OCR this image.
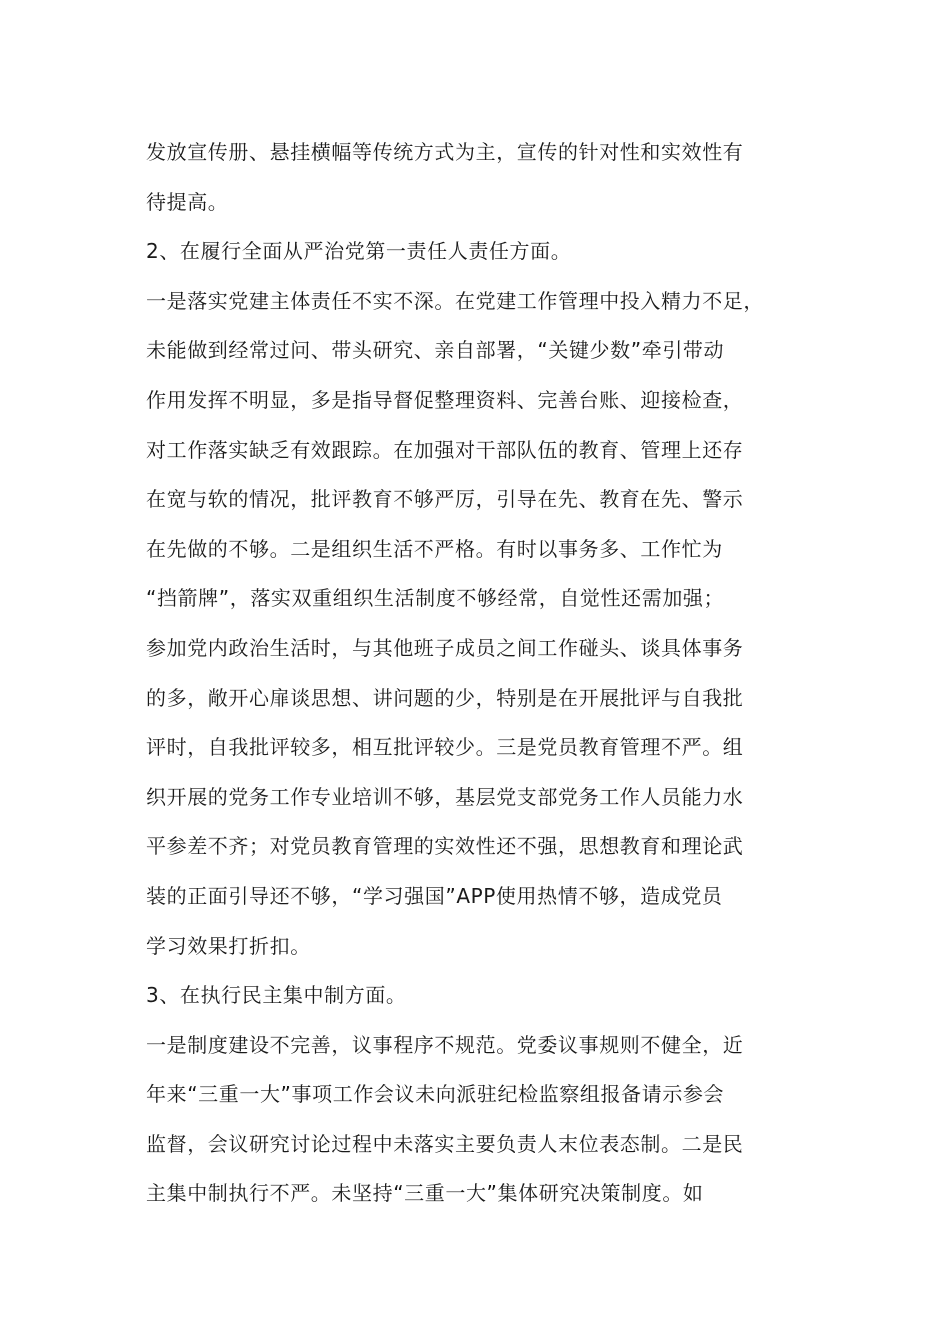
发放宣传册、悬挂横幅等传统方式为主，宣传的针对性和实效性有
待提高。
2、在履行全面从严治党第一责任人责任方面。
一是落实党建主体责任不实不深。在党建工作管理中投入精力不足，
未能做到经常过问、带头研究、亲自部署，“关键少数”牵引带动
作用发挥不明显，多是指导督促整理资料、完善台账、迎接检查，
对工作落实缺乏有效跟踪。在加强对干部队伍的教育、管理上还存
在宽与软的情况，批评教育不够严厉，引导在先、教育在先、警示
在先做的不够。二是组织生活不严格。有时以事务多、工作忙为
“挡箭牌”，落实双重组织生活制度不够经常，自觉性还需加强；
参加党内政治生活时，与其他班子成员之间工作碰头、谈具体事务
的多，敞开心扉谈思想、讲问题的少，特别是在开展批评与自我批
评时，自我批评较多，相互批评较少。三是党员教育管理不严。组
织开展的党务工作专业培训不够，基层党支部党务工作人员能力水
平参差不齐；对党员教育管理的实效性还不强，思想教育和理论武
装的正面引导还不够，“学习强国”APP使用热情不够，造成党员
学习效果打折扣。
3、在执行民主集中制方面。
一是制度建设不完善，议事程序不规范。党委议事规则不健全，近
年来“三重一大”事项工作会议未向派驻纪检监察组报备请示参会
监督，会议研究讨论过程中未落实主要负责人末位表态制。二是民
主集中制执行不严。未坚持“三重一大”集体研究决策制度。如
